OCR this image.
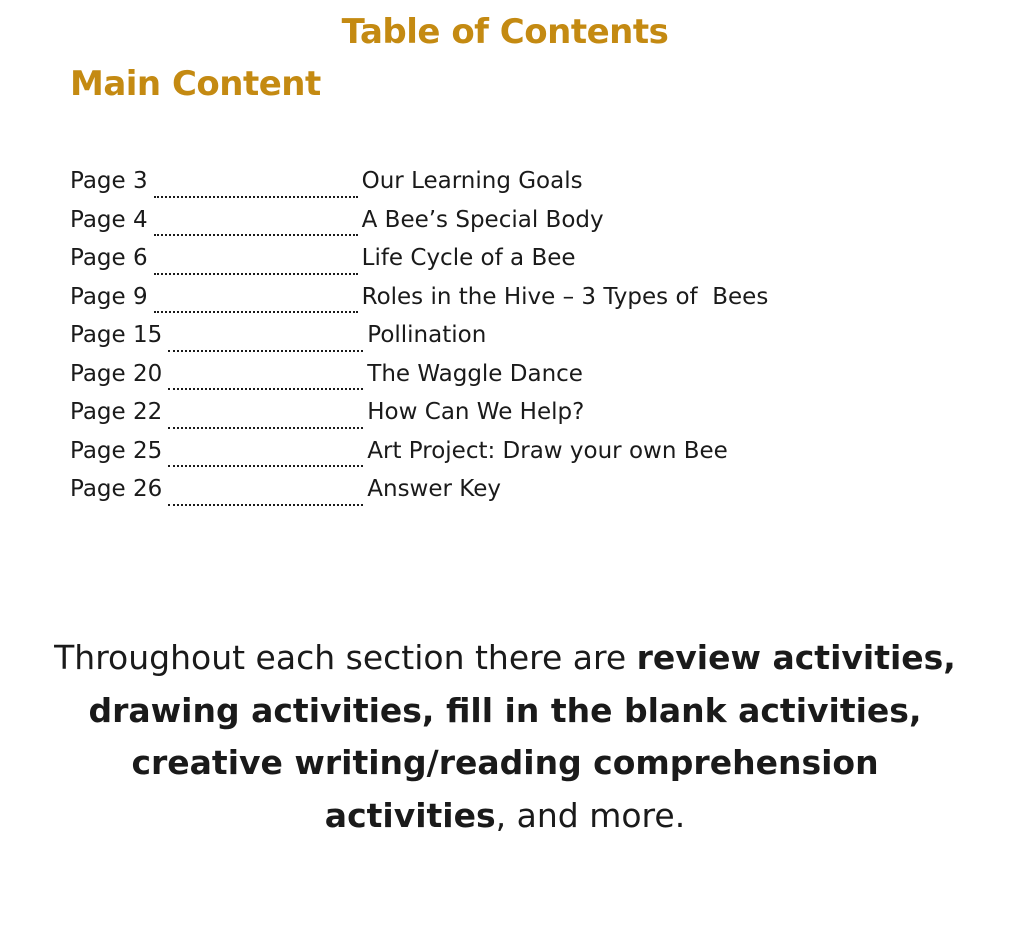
Table of Contents
Main Content
Page 3	Our Learning Goals
Page 4	A Bee’s Special Body
Page 6	Life Cycle of a Bee
Page 9	Roles in the Hive – 3 Types of  Bees
Page 15	Pollination
Page 20	The Waggle Dance
Page 22	How Can We Help?
Page 25	Art Project: Draw your own Bee
Page 26	Answer Key
Throughout each section there are review activities,
drawing activities, fill in the blank activities,
creative writing/reading comprehension
activities, and more.
